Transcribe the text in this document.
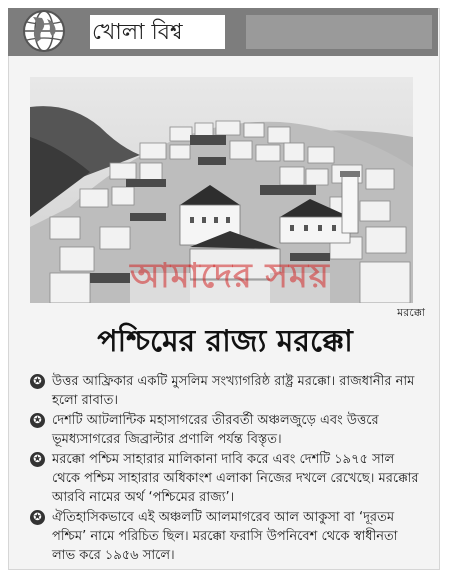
খোলা বিশ্ব
আমাদের সময়
মরক্কো
পশ্চিমের রাজ্য মরক্কো
✪ উত্তর আফ্রিকার একটি মুসলিম সংখ্যাগরিষ্ঠ রাষ্ট্র মরক্কো। রাজধানীর নাম হলো রাবাত।
✪ দেশটি আটলান্টিক মহাসাগরের তীরবর্তী অঞ্চলজুড়ে এবং উত্তরে ভূমধ্যসাগরের জিব্রাল্টার প্রণালি পর্যন্ত বিস্তৃত।
✪ মরক্কো পশ্চিম সাহারার মালিকানা দাবি করে এবং দেশটি ১৯৭৫ সাল থেকে পশ্চিম সাহারার অধিকাংশ এলাকা নিজের দখলে রেখেছে। মরক্কোর আরবি নামের অর্থ ‘পশ্চিমের রাজ্য’।
✪ ঐতিহাসিকভাবে এই অঞ্চলটি আলমাগরেব আল আকুসা বা ‘দূরতম পশ্চিম’ নামে পরিচিত ছিল। মরক্কো ফরাসি উপনিবেশ থেকে স্বাধীনতা লাভ করে ১৯৫৬ সালে।
